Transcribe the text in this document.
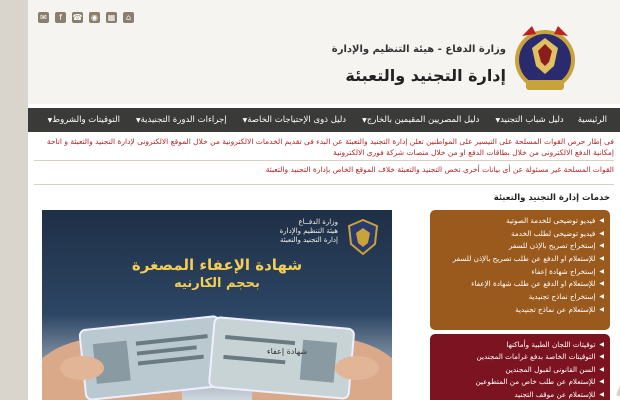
✉	f	☎ ◉ ▦	⌂
وزارة الدفاع - هيئة التنظيم والإدارة
إدارة التجنيد والتعبئة
الرئيسية
دليل شباب التجنيد▼
دليل المصريين المقيمين بالخارج▼
دليل ذوى الإحتياجات الخاصة▼
إجراءات الدورة التجنيدية▼
التوقيتات والشروط▼
فى إطار حرص القوات المسلحة على التيسير على المواطنين تعلن إدارة التجنيد والتعبئة عن البدء فى تقديم الخدمات الالكترونية من خلال الموقع الالكترونى لإدارة التجنيد والتعبئة و اتاحة إمكانية الدفع الالكترونى من خلال بطاقات الدفع او من خلال منصات شركة فورى الالكترونية
القوات المسلحة غير مسئولة عن أى بيانات أخرى تخص التجنيد والتعبئة خلاف الموقع الخاص بإدارة التجنيد والتعبئة
خدمات إدارة التجنيد والتعبئة
◀
فيديو توضيحى للخدمة الصوتية
◀
فيديو توضيحى لطلب الخدمة
◀
إستخراج تصريح بالإذن للسفر
◀
للإستعلام او الدفع عن طلب تصريح بالإذن للسفر
◀
إستخراج شهادة إعفاء
◀
للإستعلام او الدفع عن طلب شهادة الإعفاء
◀
إستخراج نماذج تجنيدية
◀
للإستعلام عن نماذج تجنيدية
◀
توقيتات اللجان الطبية وأماكنها
◀
التوقيتات الخاصة بدفع غرامات المجندين
◀
السن القانونى لقبول المجندين
◀
للإستعلام عن طلب خاص من المتطوعين
◀
للإستعلام عن موقف التجنيد
وزارة الدفــاع
هيئة التنظيم والإدارة
إدارة التجنيد والتعبئة
شهادة الإعفاء المصغرة
بحجم الكارنيه
شهادة إعفاء
